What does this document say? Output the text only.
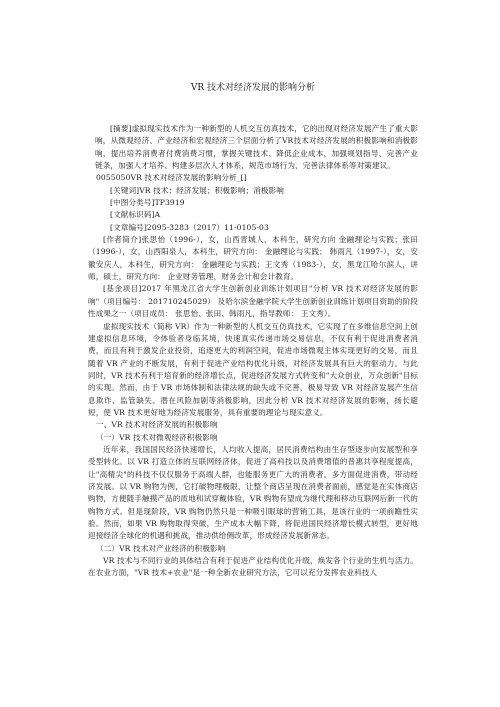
VR 技术对经济发展的影响分析

[摘要]虚拟现实技术作为一种新型的人机交互仿真技术，它的出现对经济发展产生了重大影响，从微观经济、产业经济和宏观经济三个层面分析了VR技术对经济发展的积极影响和消极影响，提出培养消费者付费消费习惯，掌握关键技术、降低企业成本，加强规划指导、完善产业链条，加强人才培养、构建多层次人才体系，规范市场行为、完善法律体系等对策建议。

0055050VR 技术对经济发展的影响分析_[]

[关键词]VR 技术；经济发展；积极影响；消极影响

[中图分类号]TP3919

[文献标识码]A

[文章编号]2095-3283（2017）11-0105-03

[作者简介]张思怡（1996-），女，山西晋城人，本科生，研究方向 金融理论与实践；张田（1996-），女，山西阳泉人，本科生，研究方向： 金融理论与实践； 韩雨凡（1997-），女，安徽安庆人，本科生，研究方向： 金融理论与实践；王文秀（1983-），女，黑龙江哈尔滨人，讲师，硕士，研究方向： 企业财务管理，财务会计和会计教育。

[基金项目]2017 年黑龙江省大学生创新创业训练计划项目"分析 VR 技术对经济发展的影响"（项目编号： 201710245029） 及哈尔滨金融学院大学生创新创业训练计划项目资助的阶段性成果之一（项目成员： 张思怡、张田、韩雨凡，指导教师： 王文秀）。

虚拟现实技术（简称 VR）作为一种新型的人机交互仿真技术，它实现了在多维信息空间上创建虚拟信息环境，令体验者身临其境，快速真实传递市场交易信息，不仅有利于促进消费者消费，而且有利于激发企业投资，追逐更大的利润空间，促进市场微观主体实现更好的交易，而且随着 VR 产业的不断发展，有利于促进产业结构优化升级，对经济发展具有巨大的驱动力。与此同时，VR 技术有利于培育新的经济增长点，促进经济发展方式转变和"大众创业，万众创新"目标的实现。然而，由于 VR 市场体制和法律法规的缺失或不完善，极易导致 VR 对经济发展产生信息欺诈、监管缺失、潜在风险加剧等消极影响，因此分析 VR 技术对经济发展的影响，扬长避短，使 VR 技术更好地为经济发展服务，具有重要的理论与现实意义。

一、VR 技术对经济发展的积极影响

（一）VR 技术对微观经济积极影响

近年来，我国国民经济快速增长，人均收入提高，居民消费结构由生存型逐步向发展型和享受型转化。以 VR 打造立体的互联网经济体，促进了高科技以及消费增值的普惠共享程度提高，让"高精尖"的科技不仅仅服务于高端人群，也能服务更广大的消费者，多方面促进消费，带动经济发展。以 VR 购物为例，它打破物理极限，让整个商店呈现在消费者面前，感觉是在实体商店购物，方便随手触摸产品的质地和试穿戴体验，VR 购物有望成为继代理和移动互联网后新一代的购物方式。但是现阶段，VR 购物仍然只是一种吸引眼球的营销工具，是该行业的一项前瞻性实验。然而，如果 VR 购物取得突破，生产成本大幅下降，将促进国民经济增长模式转型，更好地迎接经济全球化的机遇和挑战，推动供给侧改革，形成经济发展新常态。

（二）VR 技术对产业经济的积极影响

VR 技术与不同行业的具体结合有利于促进产业结构优化升级，焕发各个行业的生机与活力。在农业方面，"VR 技术+农业"是一种全新农业研究方法，它可以充分发挥农业科技人
